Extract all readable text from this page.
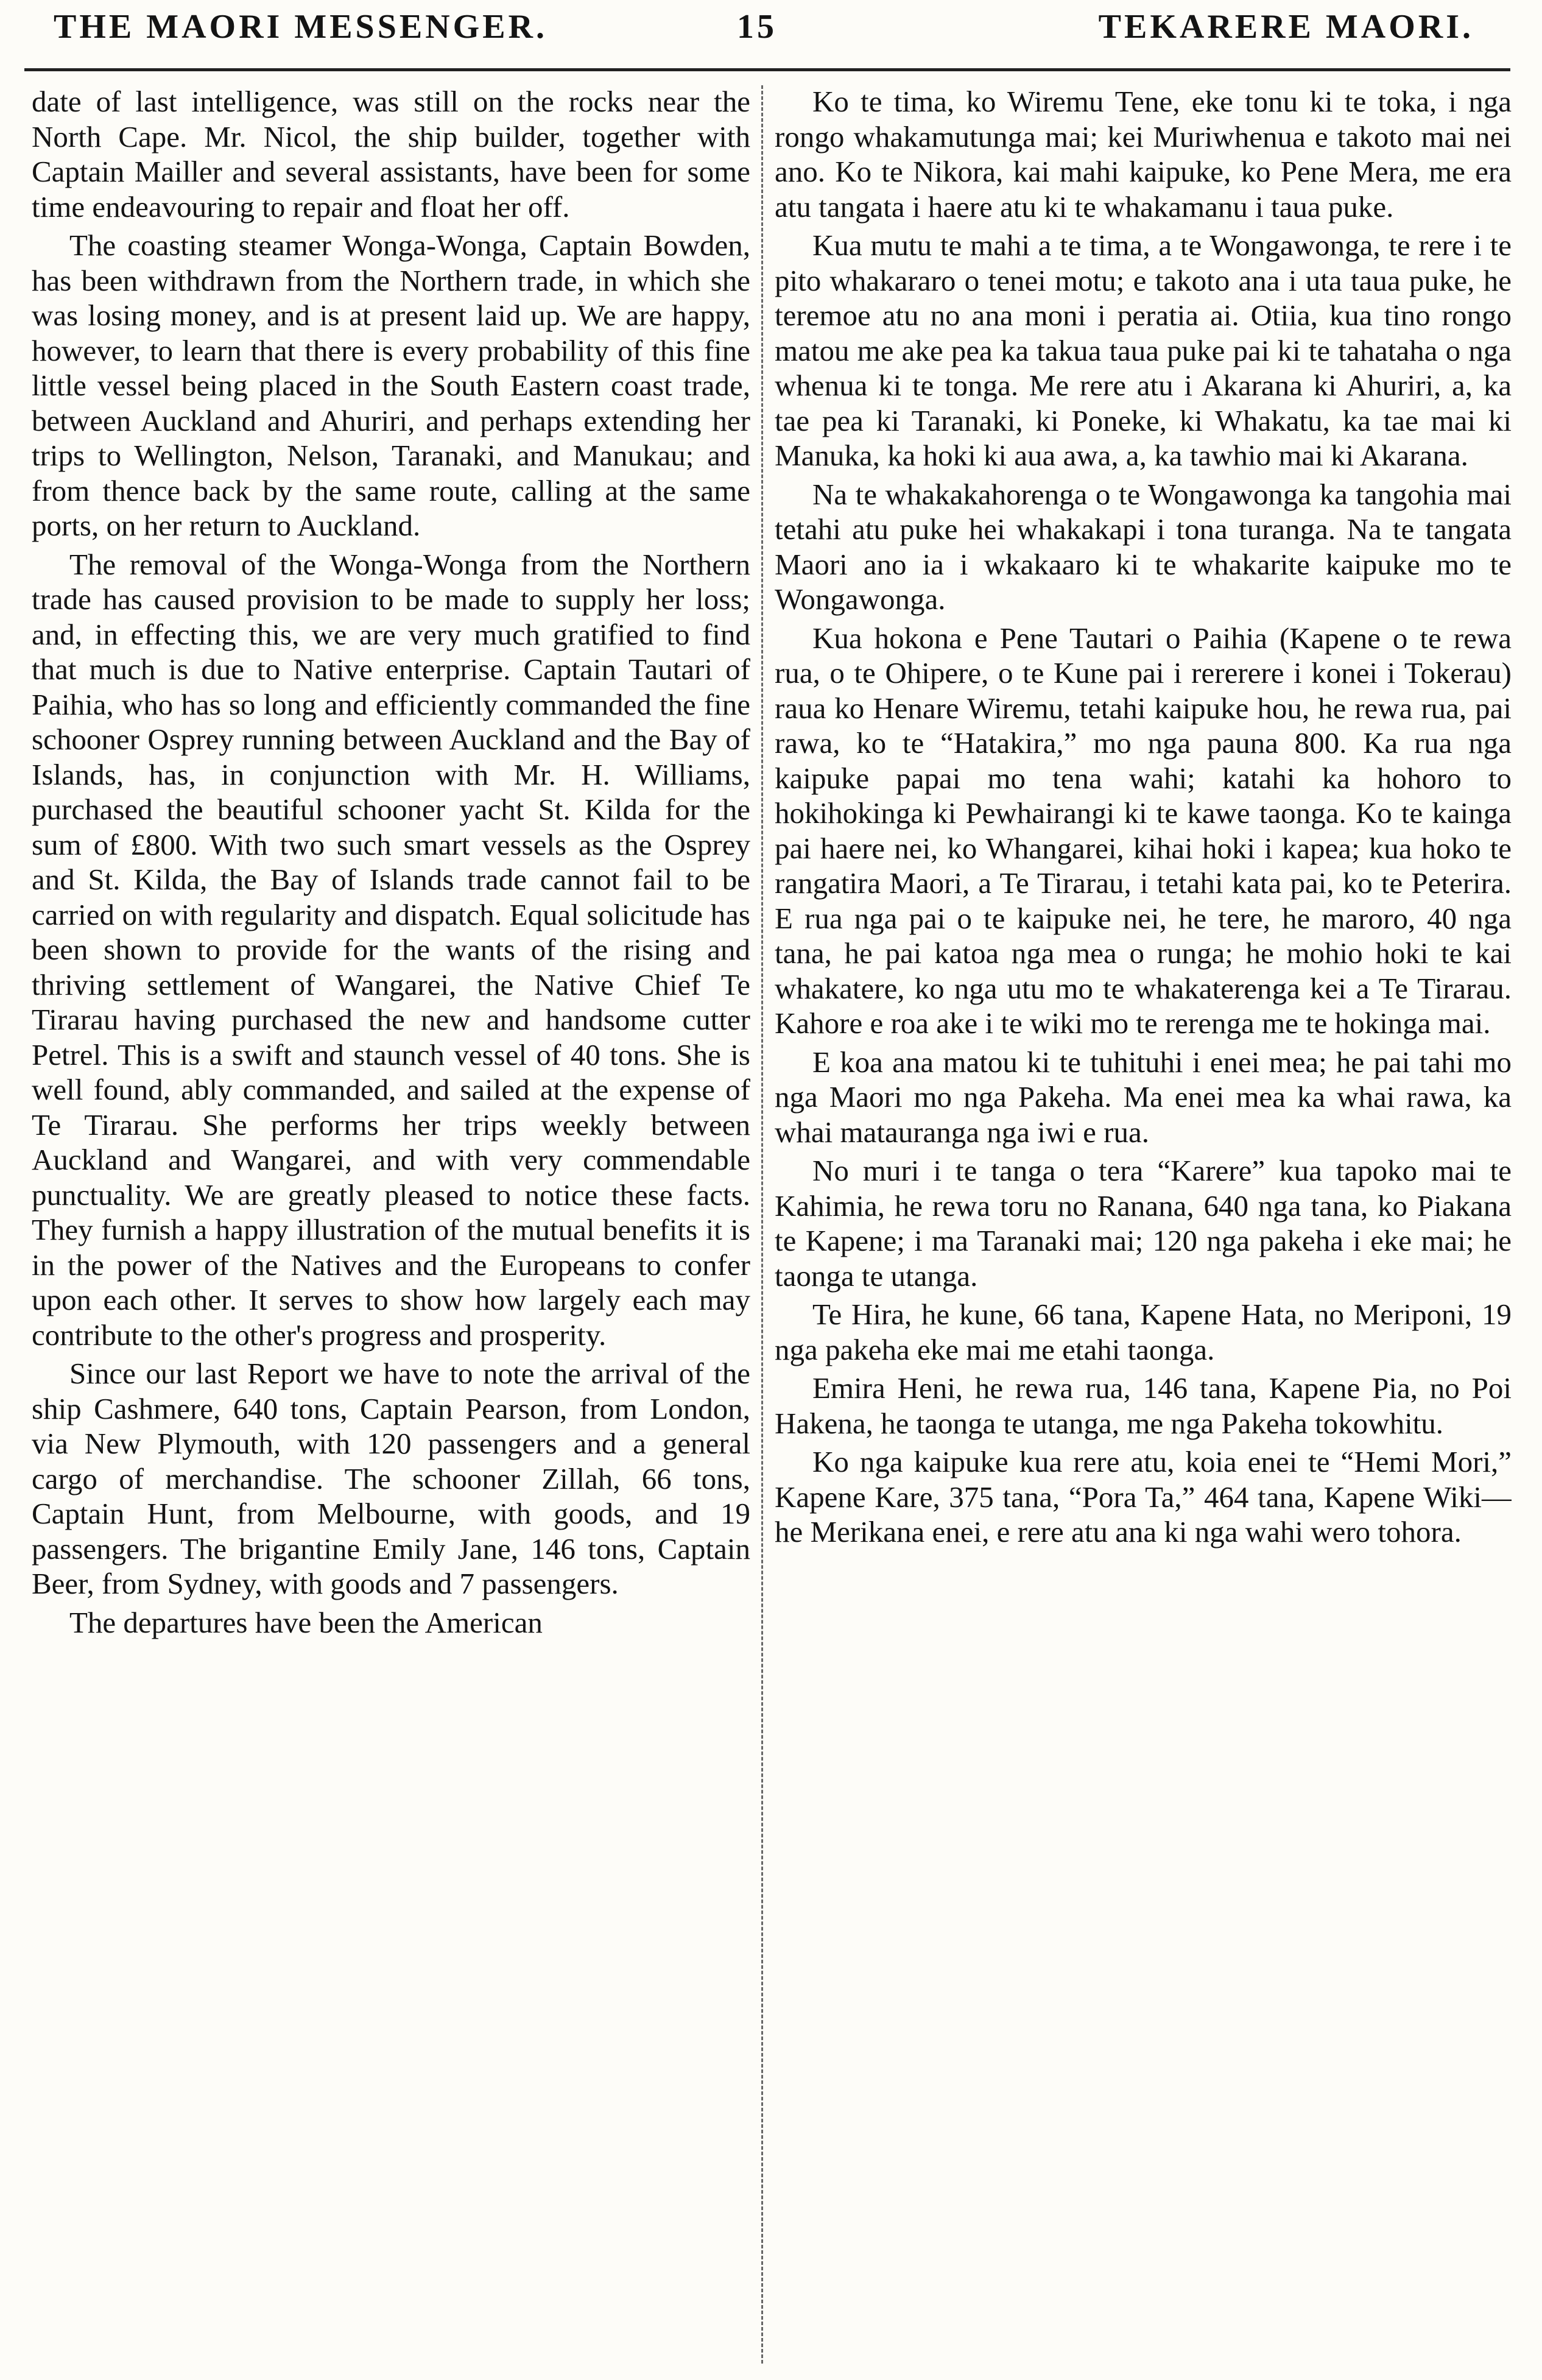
THE MAORI MESSENGER.	15	TEKARERE MAORI.

date of last intelligence, was still on the rocks near the North Cape. Mr. Nicol, the ship builder, together with Captain Mailler and several assistants, have been for some time endeavouring to repair and float her off.

The coasting steamer Wonga-Wonga, Captain Bowden, has been withdrawn from the Northern trade, in which she was losing money, and is at present laid up. We are happy, however, to learn that there is every probability of this fine little vessel being placed in the South Eastern coast trade, between Auckland and Ahuriri, and perhaps extending her trips to Wellington, Nelson, Taranaki, and Manukau; and from thence back by the same route, calling at the same ports, on her return to Auckland.

The removal of the Wonga-Wonga from the Northern trade has caused provision to be made to supply her loss; and, in effecting this, we are very much gratified to find that much is due to Native enterprise. Captain Tautari of Paihia, who has so long and efficiently commanded the fine schooner Osprey running between Auckland and the Bay of Islands, has, in conjunction with Mr. H. Williams, purchased the beautiful schooner yacht St. Kilda for the sum of £800. With two such smart vessels as the Osprey and St. Kilda, the Bay of Islands trade cannot fail to be carried on with regularity and dispatch. Equal solicitude has been shown to provide for the wants of the rising and thriving settlement of Wangarei, the Native Chief Te Tirarau having purchased the new and handsome cutter Petrel. This is a swift and staunch vessel of 40 tons. She is well found, ably commanded, and sailed at the expense of Te Tirarau. She performs her trips weekly between Auckland and Wangarei, and with very commendable punctuality. We are greatly pleased to notice these facts. They furnish a happy illustration of the mutual benefits it is in the power of the Natives and the Europeans to confer upon each other. It serves to show how largely each may contribute to the other's progress and prosperity.

Since our last Report we have to note the arrival of the ship Cashmere, 640 tons, Captain Pearson, from London, via New Plymouth, with 120 passengers and a general cargo of merchandise. The schooner Zillah, 66 tons, Captain Hunt, from Melbourne, with goods, and 19 passengers. The brigantine Emily Jane, 146 tons, Captain Beer, from Sydney, with goods and 7 passengers.

The departures have been the American

Ko te tima, ko Wiremu Tene, eke tonu ki te toka, i nga rongo whakamutunga mai; kei Muriwhenua e takoto mai nei ano. Ko te Nikora, kai mahi kaipuke, ko Pene Mera, me era atu tangata i haere atu ki te whakamanu i taua puke.

Kua mutu te mahi a te tima, a te Wongawonga, te rere i te pito whakararo o tenei motu; e takoto ana i uta taua puke, he teremoe atu no ana moni i peratia ai. Otiia, kua tino rongo matou me ake pea ka takua taua puke pai ki te tahataha o nga whenua ki te tonga. Me rere atu i Akarana ki Ahuriri, a, ka tae pea ki Taranaki, ki Poneke, ki Whakatu, ka tae mai ki Manuka, ka hoki ki aua awa, a, ka tawhio mai ki Akarana.

Na te whakakahorenga o te Wongawonga ka tangohia mai tetahi atu puke hei whakakapi i tona turanga. Na te tangata Maori ano ia i wkakaaro ki te whakarite kaipuke mo te Wongawonga.

Kua hokona e Pene Tautari o Paihia (Kapene o te rewa rua, o te Ohipere, o te Kune pai i rererere i konei i Tokerau) raua ko Henare Wiremu, tetahi kaipuke hou, he rewa rua, pai rawa, ko te “Hatakira,” mo nga pauna 800. Ka rua nga kaipuke papai mo tena wahi; katahi ka hohoro to hokihokinga ki Pewhairangi ki te kawe taonga. Ko te kainga pai haere nei, ko Whangarei, kihai hoki i kapea; kua hoko te rangatira Maori, a Te Tirarau, i tetahi kata pai, ko te Peterira. E rua nga pai o te kaipuke nei, he tere, he maroro, 40 nga tana, he pai katoa nga mea o runga; he mohio hoki te kai whakatere, ko nga utu mo te whakaterenga kei a Te Tirarau. Kahore e roa ake i te wiki mo te rerenga me te hokinga mai.

E koa ana matou ki te tuhituhi i enei mea; he pai tahi mo nga Maori mo nga Pakeha. Ma enei mea ka whai rawa, ka whai matauranga nga iwi e rua.

No muri i te tanga o tera “Karere” kua tapoko mai te Kahimia, he rewa toru no Ranana, 640 nga tana, ko Piakana te Kapene; i ma Taranaki mai; 120 nga pakeha i eke mai; he taonga te utanga.

Te Hira, he kune, 66 tana, Kapene Hata, no Meriponi, 19 nga pakeha eke mai me etahi taonga.

Emira Heni, he rewa rua, 146 tana, Kapene Pia, no Poi Hakena, he taonga te utanga, me nga Pakeha tokowhitu.

Ko nga kaipuke kua rere atu, koia enei te “Hemi Mori,” Kapene Kare, 375 tana, “Pora Ta,” 464 tana, Kapene Wiki—he Merikana enei, e rere atu ana ki nga wahi wero tohora.
